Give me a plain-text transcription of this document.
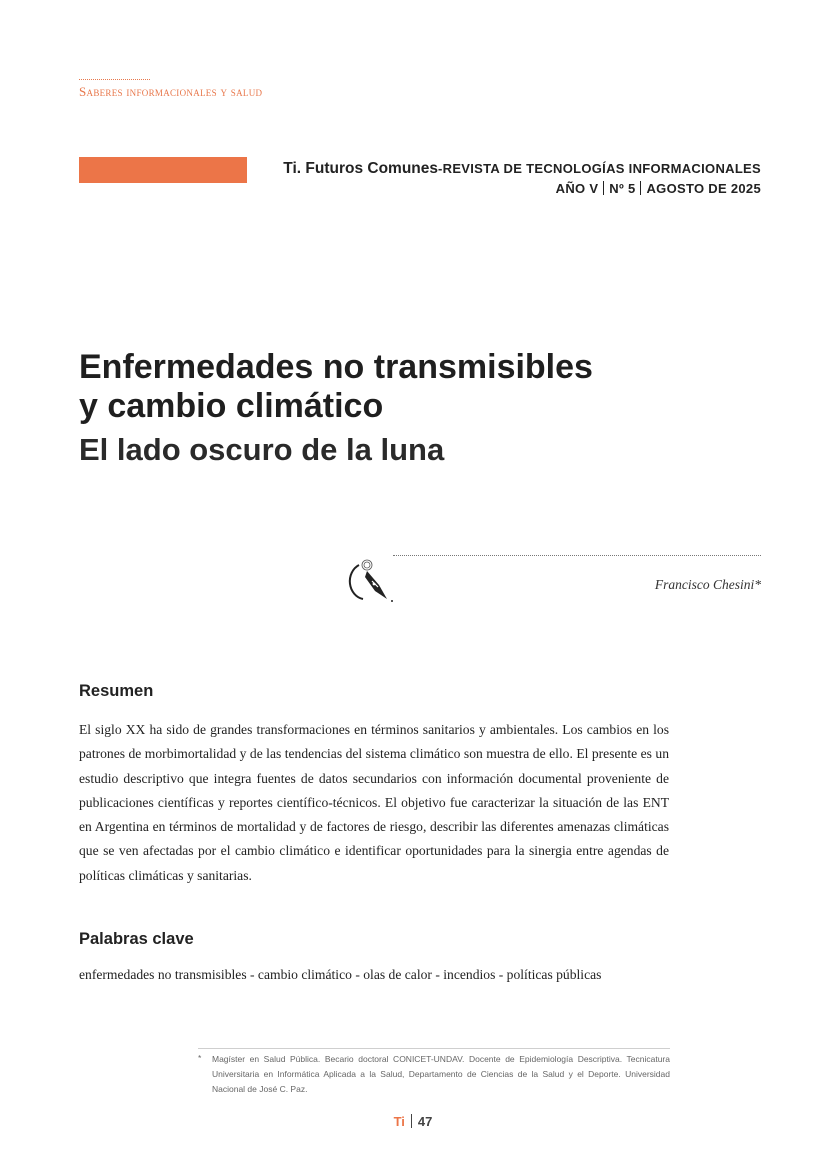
Saberes informacionales y salud
Ti. Futuros Comunes-REVISTA DE TECNOLOGÍAS INFORMACIONALES
AÑO V Nº 5 AGOSTO DE 2025
Enfermedades no transmisibles
y cambio climático
El lado oscuro de la luna
Francisco Chesini*
Resumen

El siglo XX ha sido de grandes transformaciones en términos sanitarios y ambientales. Los cambios en los patrones de morbimortalidad y de las tendencias del sistema climático son muestra de ello. El presente es un estudio descriptivo que integra fuentes de datos secundarios con información documental proveniente de publicaciones científicas y reportes científico-técnicos. El objetivo fue caracterizar la situación de las ENT en Argentina en términos de mortalidad y de factores de riesgo, describir las diferentes amenazas climáticas que se ven afectadas por el cambio climático e identificar oportunidades para la sinergia entre agendas de políticas climáticas y sanitarias.

Palabras clave

enfermedades no transmisibles - cambio climático - olas de calor - incendios - políticas públicas

* Magíster en Salud Pública. Becario doctoral CONICET-UNDAV. Docente de Epidemiología Descriptiva. Tecnicatura Universitaria en Informática Aplicada a la Salud, Departamento de Ciencias de la Salud y el Deporte. Universidad Nacional de José C. Paz.

Ti 47
